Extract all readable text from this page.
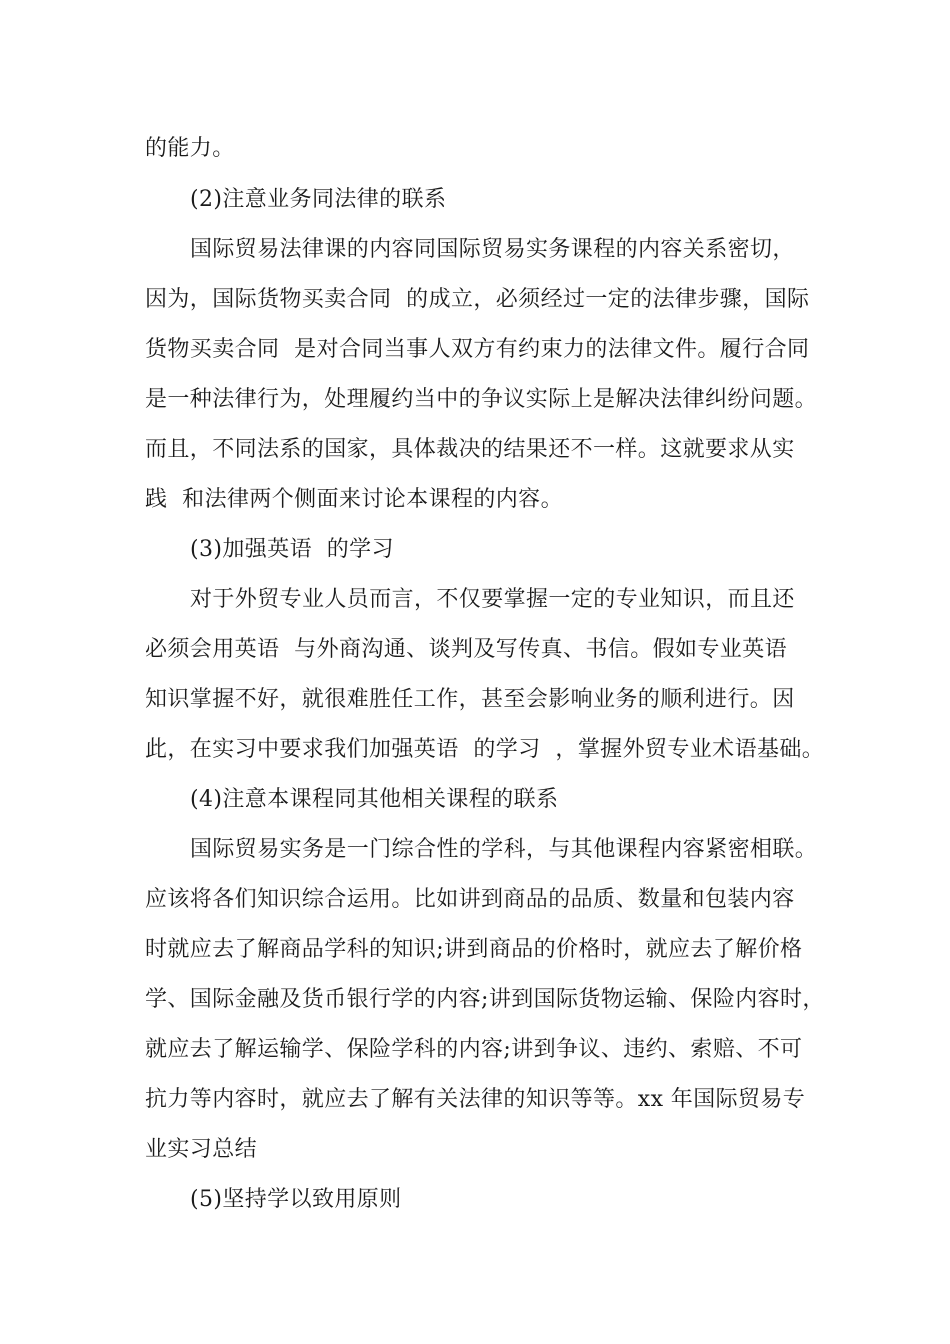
的能力。
(2)注意业务同法律的联系
国际贸易法律课的内容同国际贸易实务课程的内容关系密切，
因为，国际货物买卖合同  的成立，必须经过一定的法律步骤，国际
货物买卖合同  是对合同当事人双方有约束力的法律文件。履行合同
是一种法律行为，处理履约当中的争议实际上是解决法律纠纷问题。
而且，不同法系的国家，具体裁决的结果还不一样。这就要求从实
践  和法律两个侧面来讨论本课程的内容。
(3)加强英语  的学习
对于外贸专业人员而言，不仅要掌握一定的专业知识，而且还
必须会用英语  与外商沟通、谈判及写传真、书信。假如专业英语
知识掌握不好，就很难胜任工作，甚至会影响业务的顺利进行。因
此，在实习中要求我们加强英语  的学习  ，掌握外贸专业术语基础。
(4)注意本课程同其他相关课程的联系
国际贸易实务是一门综合性的学科，与其他课程内容紧密相联。
应该将各们知识综合运用。比如讲到商品的品质、数量和包装内容
时就应去了解商品学科的知识;讲到商品的价格时，就应去了解价格
学、国际金融及货币银行学的内容;讲到国际货物运输、保险内容时，
就应去了解运输学、保险学科的内容;讲到争议、违约、索赔、不可
抗力等内容时，就应去了解有关法律的知识等等。xx 年国际贸易专
业实习总结
(5)坚持学以致用原则
